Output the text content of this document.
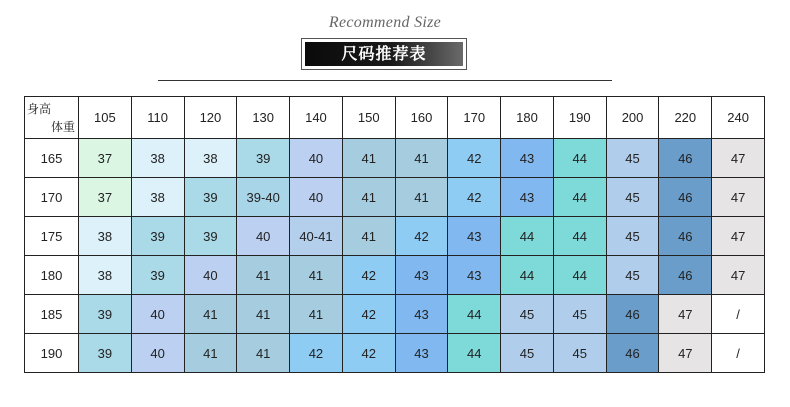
Recommend Size
尺码推荐表
身高
体重	105	110	120	130	140	150	160	170	180	190	200	220	240
165	37	38	38	39	40	41	41	42	43	44	45	46	47
170	37	38	39	39-40	40	41	41	42	43	44	45	46	47
175	38	39	39	40	40-41	41	42	43	44	44	45	46	47
180	38	39	40	41	41	42	43	43	44	44	45	46	47
185	39	40	41	41	41	42	43	44	45	45	46	47	/
190	39	40	41	41	42	42	43	44	45	45	46	47	/
